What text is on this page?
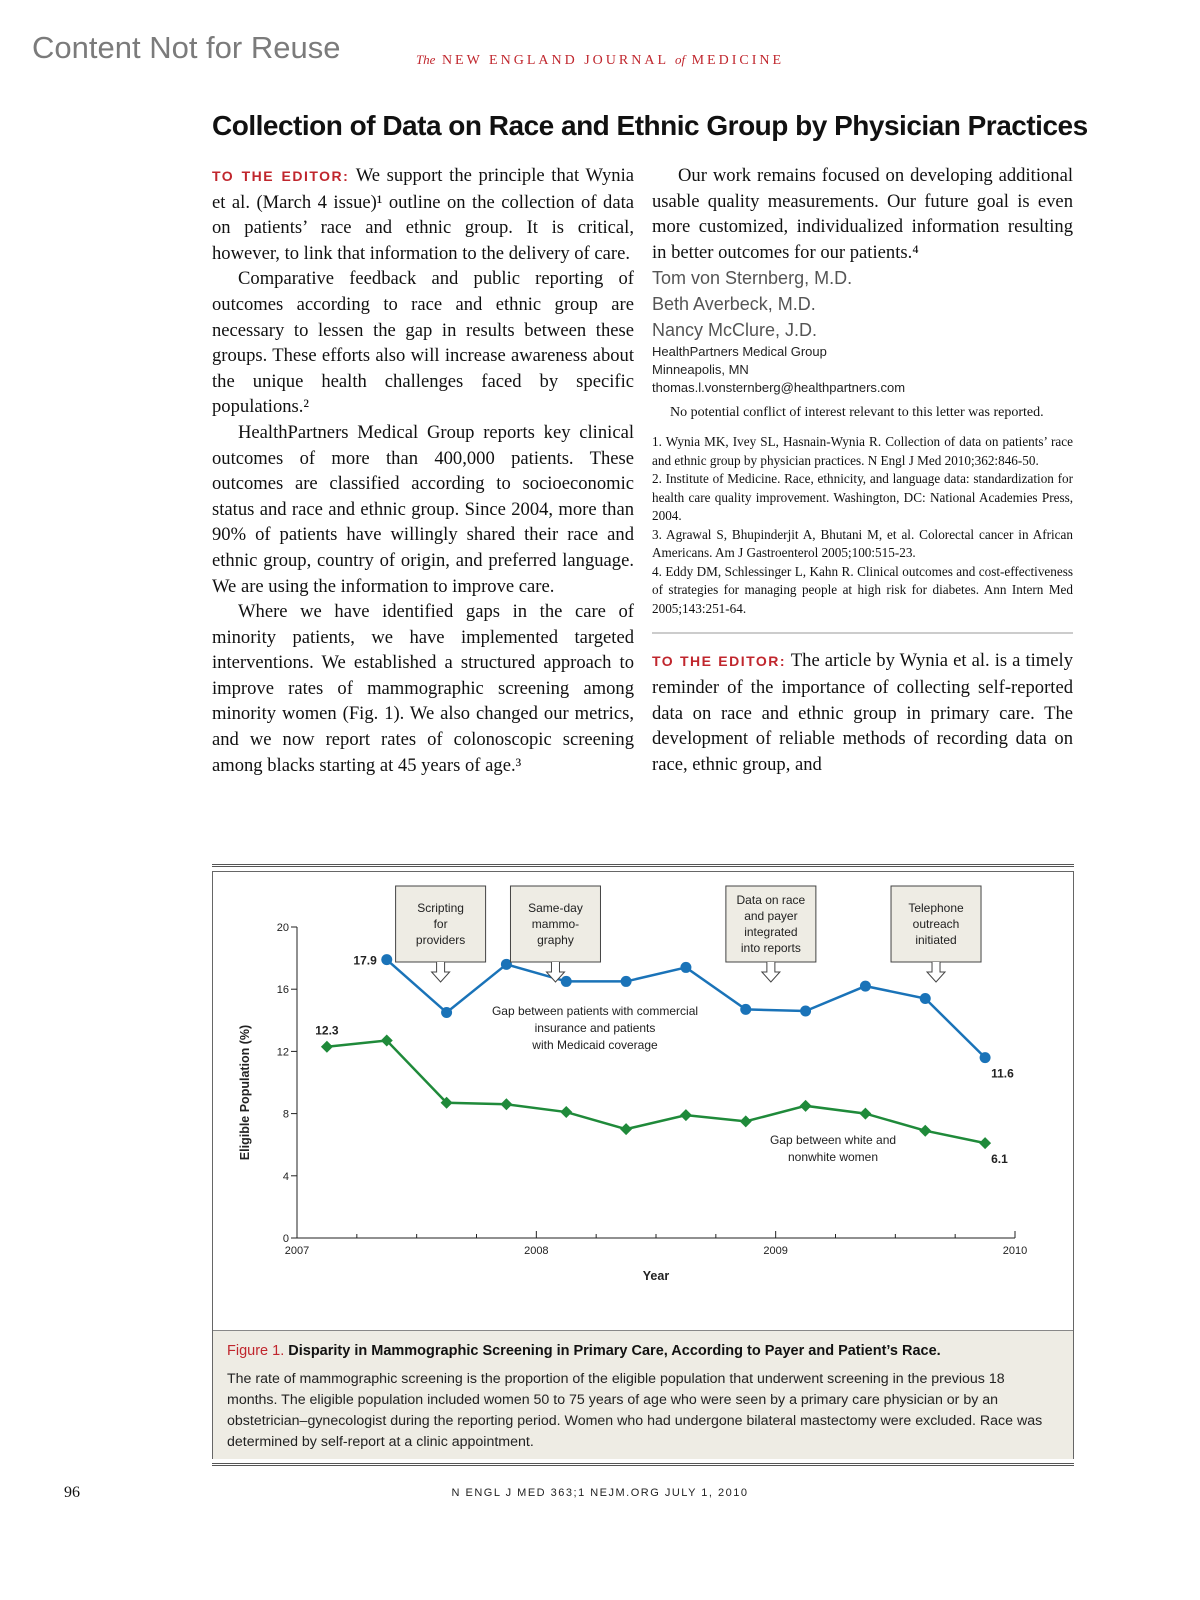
Content Not for Reuse	The NEW ENGLAND JOURNAL of MEDICINE
Collection of Data on Race and Ethnic Group by Physician Practices

TO THE EDITOR: We support the principle that Wynia et al. (March 4 issue)¹ outline on the collection of data on patients’ race and ethnic group. It is critical, however, to link that information to the delivery of care.

Comparative feedback and public reporting of outcomes according to race and ethnic group are necessary to lessen the gap in results between these groups. These efforts also will increase awareness about the unique health challenges faced by specific populations.²

HealthPartners Medical Group reports key clinical outcomes of more than 400,000 patients. These outcomes are classified according to socioeconomic status and race and ethnic group. Since 2004, more than 90% of patients have willingly shared their race and ethnic group, country of origin, and preferred language. We are using the information to improve care.

Where we have identified gaps in the care of minority patients, we have implemented targeted interventions. We established a structured approach to improve rates of mammographic screening among minority women (Fig. 1). We also changed our metrics, and we now report rates of colonoscopic screening among blacks starting at 45 years of age.³

Our work remains focused on developing additional usable quality measurements. Our future goal is even more customized, individualized information resulting in better outcomes for our patients.⁴

Tom von Sternberg, M.D.
Beth Averbeck, M.D.
Nancy McClure, J.D.
HealthPartners Medical Group
Minneapolis, MN
thomas.l.vonsternberg@healthpartners.com

No potential conflict of interest relevant to this letter was reported.

1. Wynia MK, Ivey SL, Hasnain-Wynia R. Collection of data on patients’ race and ethnic group by physician practices. N Engl J Med 2010;362:846-50.

2. Institute of Medicine. Race, ethnicity, and language data: standardization for health care quality improvement. Washington, DC: National Academies Press, 2004.

3. Agrawal S, Bhupinderjit A, Bhutani M, et al. Colorectal cancer in African Americans. Am J Gastroenterol 2005;100:515-23.

4. Eddy DM, Schlessinger L, Kahn R. Clinical outcomes and cost-effectiveness of strategies for managing people at high risk for diabetes. Ann Intern Med 2005;143:251-64.

TO THE EDITOR: The article by Wynia et al. is a timely reminder of the importance of collecting self-reported data on race and ethnic group in primary care. The development of reliable methods of recording data on race, ethnic group, and

0
4
8
12
16
20
2007	2008	2009	2010
Year
Eligible Population (%)
17.9
11.6
12.3
6.1
Gap between patients with commercial
insurance and patients
with Medicaid coverage
Gap between white and
nonwhite women
Scripting
for
providers
Same-day
mammo-
graphy
Data on race
and payer
integrated
into reports
Telephone
outreach
initiated
Figure 1. Disparity in Mammographic Screening in Primary Care, According to Payer and Patient’s Race.
The rate of mammographic screening is the proportion of the eligible population that underwent screening in the previous 18 months. The eligible population included women 50 to 75 years of age who were seen by a primary care physician or by an obstetrician–gynecologist during the reporting period. Women who had undergone bilateral mastectomy were excluded. Race was determined by self-report at a clinic appointment.
96	N ENGL J MED 363;1 NEJM.ORG JULY 1, 2010
